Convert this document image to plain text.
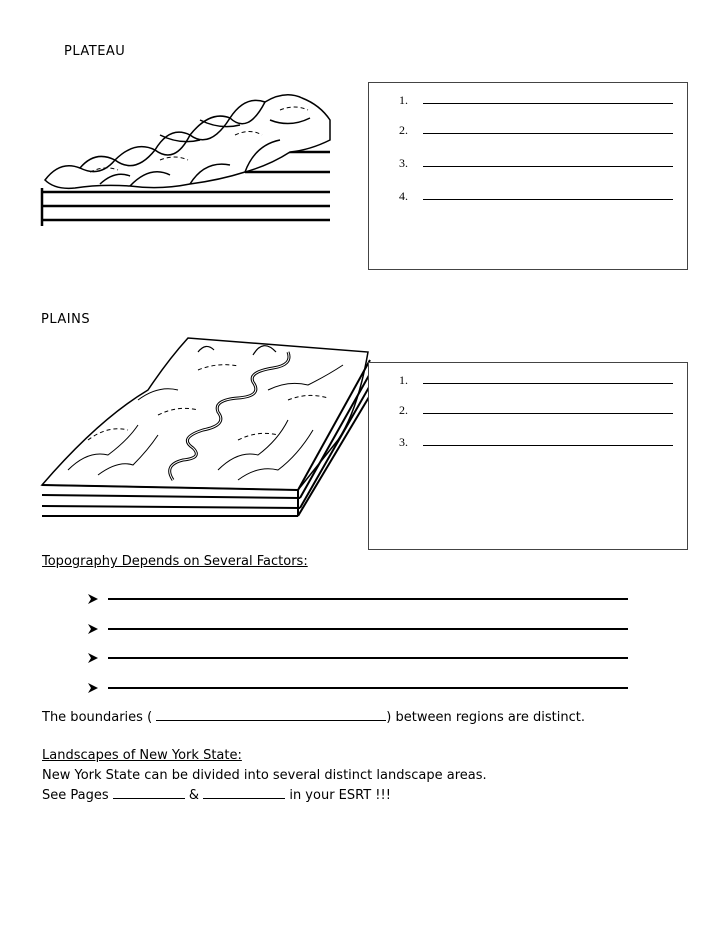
PLATEAU
1.
2.
3.
4.
PLAINS
1.
2.
3.
Topography Depends on Several Factors:
The boundaries (	) between regions are distinct.
Landscapes of New York State:
New York State can be divided into several distinct landscape areas.
See Pages	&	in your ESRT !!!
